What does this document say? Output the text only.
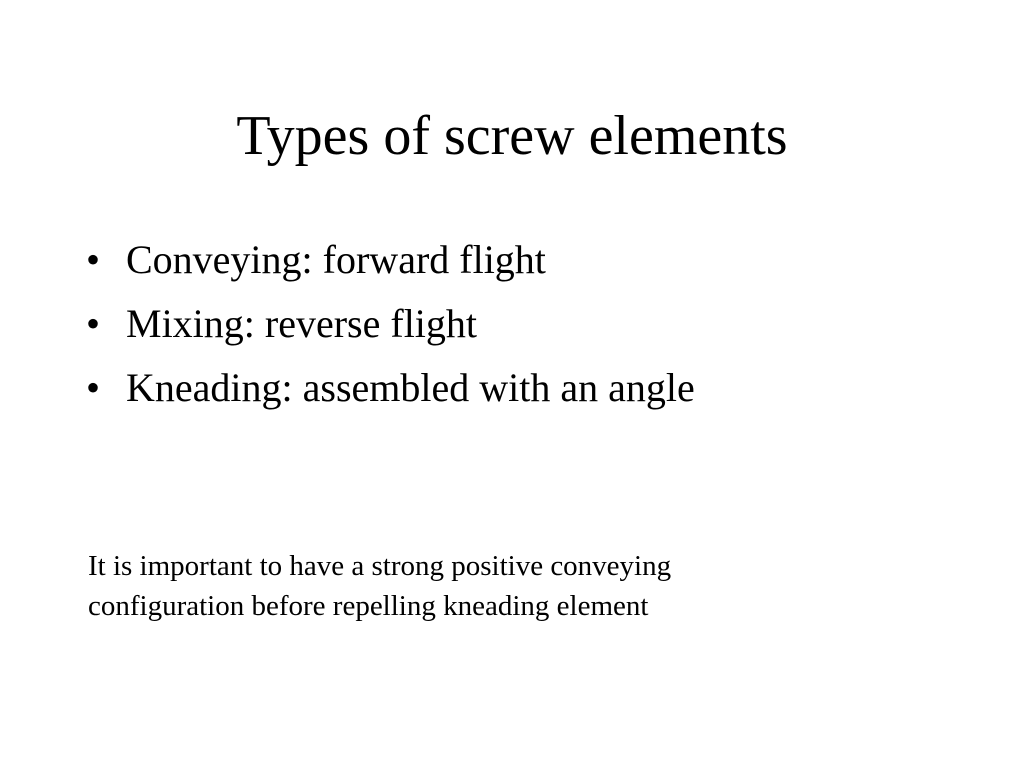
Types of screw elements
• Conveying: forward flight
• Mixing: reverse flight
• Kneading: assembled with an angle

It is important to have a strong positive conveying
configuration before repelling kneading element
